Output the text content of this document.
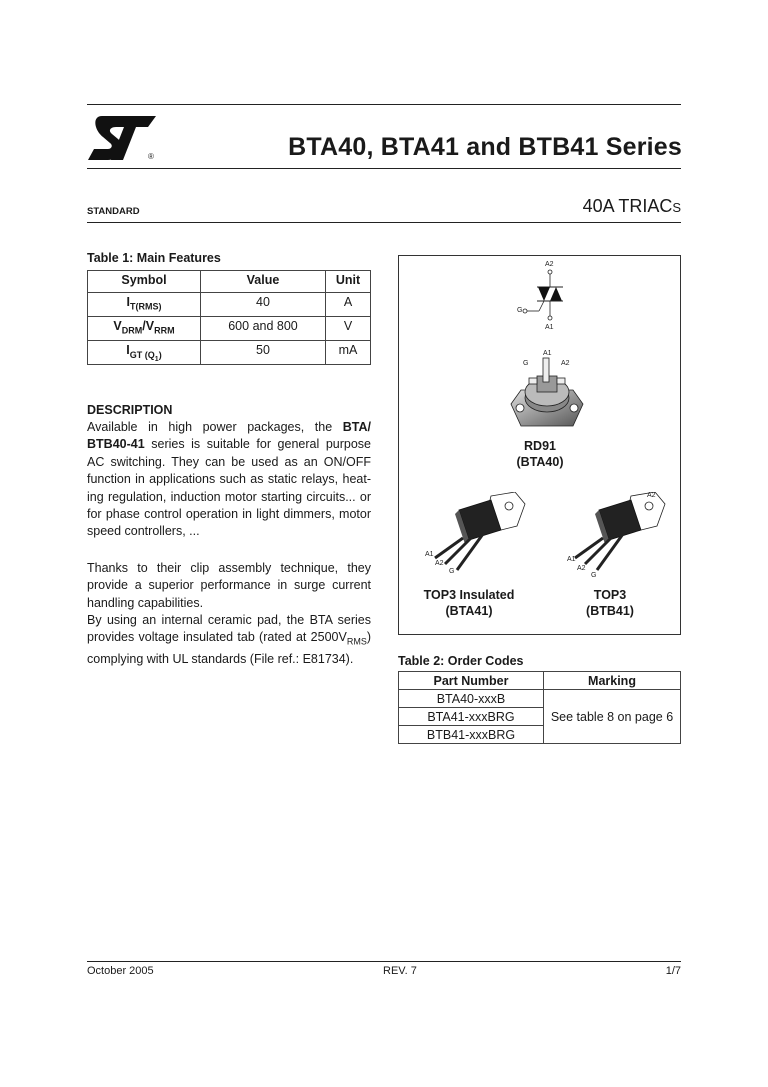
®	BTA40, BTA41 and BTB41 Series
STANDARD	40A TRIACS
Table 1: Main Features
Symbol	Value	Unit
$I_{T(RMS)}$	40	A
$V_{DRM}/V_{RRM}$	600 and 800	V
$I_{GT (Q_1)}$	50	mA
DESCRIPTION
Available in high power packages, the BTA/ BTB40-41 series is suitable for general purpose AC switching. They can be used as an ON/OFF function in applications such as static relays, heat-ing regulation, induction motor starting circuits... or for phase control operation in light dimmers, motor speed controllers, ...
Thanks to their clip assembly technique, they provide a superior performance in surge current handling capabilities.
By using an internal ceramic pad, the BTA series provides voltage insulated tab (rated at $2500V_{RMS}$) complying with UL standards (File ref.: E81734).
A2
G
A1
G
A1
A2
RD91
(BTA40)
A1
A2
G
TOP3 Insulated
(BTA41)
A2
A1
A2
G
TOP3
(BTB41)
Table 2: Order Codes
Part Number	Marking
BTA40-xxxB	See table 8 on page 6
BTA41-xxxBRG	
BTB41-xxxBRG	
October 2005	REV. 7	1/7
